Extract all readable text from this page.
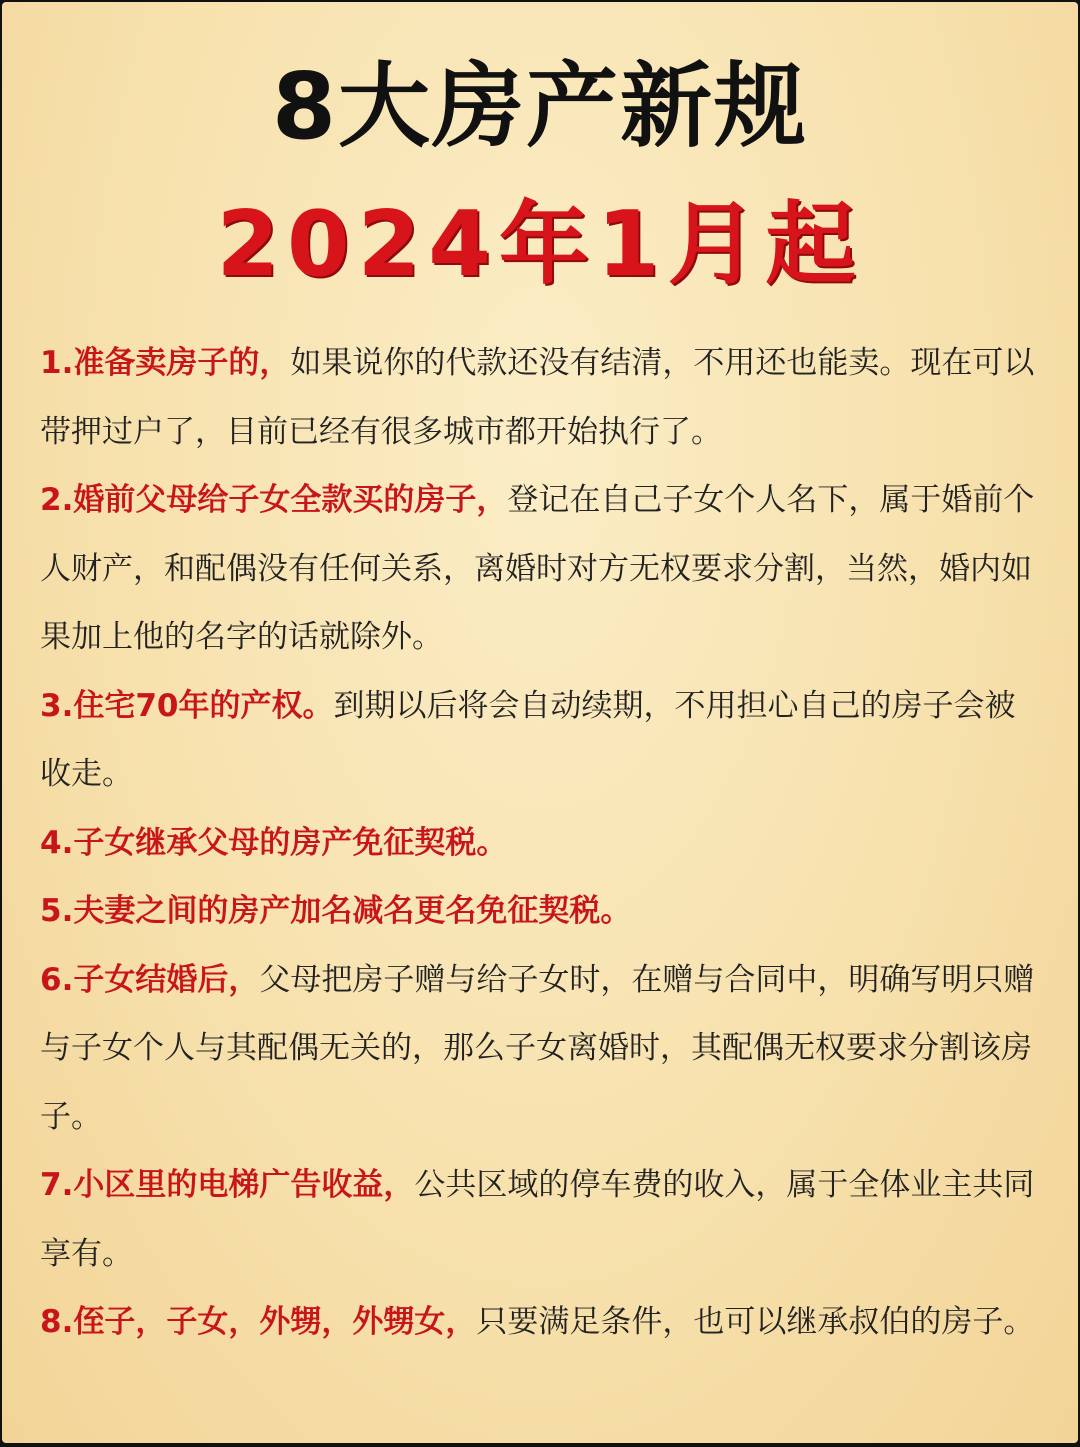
8大房产新规
2024年1月起

1.准备卖房子的，如果说你的代款还没有结清，不用还也能卖。现在可以带押过户了，目前已经有很多城市都开始执行了。

2.婚前父母给子女全款买的房子，登记在自己子女个人名下，属于婚前个人财产，和配偶没有任何关系，离婚时对方无权要求分割，当然，婚内如果加上他的名字的话就除外。

3.住宅70年的产权。到期以后将会自动续期，不用担心自己的房子会被收走。

4.子女继承父母的房产免征契税。

5.夫妻之间的房产加名减名更名免征契税。

6.子女结婚后，父母把房子赠与给子女时，在赠与合同中，明确写明只赠与子女个人与其配偶无关的，那么子女离婚时，其配偶无权要求分割该房子。

7.小区里的电梯广告收益，公共区域的停车费的收入，属于全体业主共同享有。

8.侄子，子女，外甥，外甥女，只要满足条件，也可以继承叔伯的房子。
